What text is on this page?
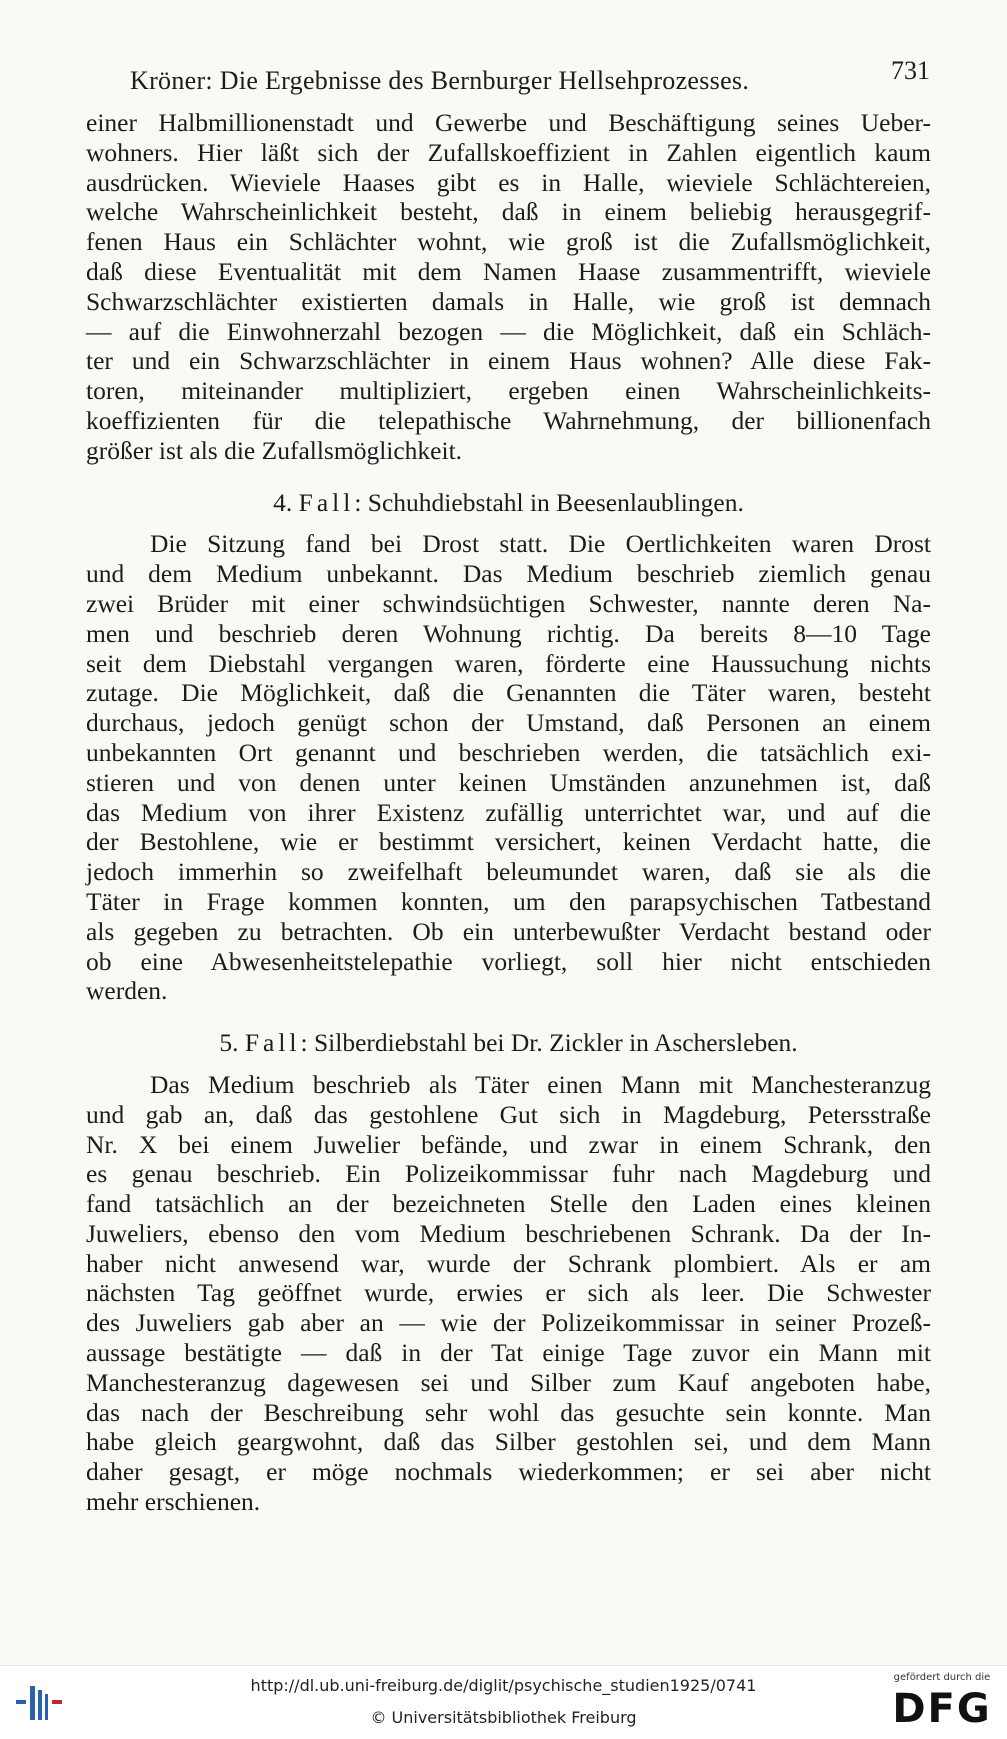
Kröner: Die Ergebnisse des Bernburger Hellsehprozesses.	731
einer Halbmillionenstadt und Gewerbe und Beschäftigung seines Ueber-
wohners. Hier läßt sich der Zufallskoeffizient in Zahlen eigentlich kaum
ausdrücken. Wieviele Haases gibt es in Halle, wieviele Schlächtereien,
welche Wahrscheinlichkeit besteht, daß in einem beliebig herausgegrif-
fenen Haus ein Schlächter wohnt, wie groß ist die Zufallsmöglichkeit,
daß diese Eventualität mit dem Namen Haase zusammentrifft, wieviele
Schwarzschlächter existierten damals in Halle, wie groß ist demnach
— auf die Einwohnerzahl bezogen — die Möglichkeit, daß ein Schläch-
ter und ein Schwarzschlächter in einem Haus wohnen? Alle diese Fak-
toren, miteinander multipliziert, ergeben einen Wahrscheinlichkeits-
koeffizienten für die telepathische Wahrnehmung, der billionenfach
größer ist als die Zufallsmöglichkeit.
4. Fall: Schuhdiebstahl in Beesenlaublingen.
Die Sitzung fand bei Drost statt. Die Oertlichkeiten waren Drost
und dem Medium unbekannt. Das Medium beschrieb ziemlich genau
zwei Brüder mit einer schwindsüchtigen Schwester, nannte deren Na-
men und beschrieb deren Wohnung richtig. Da bereits 8—10 Tage
seit dem Diebstahl vergangen waren, förderte eine Haussuchung nichts
zutage. Die Möglichkeit, daß die Genannten die Täter waren, besteht
durchaus, jedoch genügt schon der Umstand, daß Personen an einem
unbekannten Ort genannt und beschrieben werden, die tatsächlich exi-
stieren und von denen unter keinen Umständen anzunehmen ist, daß
das Medium von ihrer Existenz zufällig unterrichtet war, und auf die
der Bestohlene, wie er bestimmt versichert, keinen Verdacht hatte, die
jedoch immerhin so zweifelhaft beleumundet waren, daß sie als die
Täter in Frage kommen konnten, um den parapsychischen Tatbestand
als gegeben zu betrachten. Ob ein unterbewußter Verdacht bestand oder
ob eine Abwesenheitstelepathie vorliegt, soll hier nicht entschieden
werden.
5. Fall: Silberdiebstahl bei Dr. Zickler in Aschersleben.
Das Medium beschrieb als Täter einen Mann mit Manchesteranzug
und gab an, daß das gestohlene Gut sich in Magdeburg, Petersstraße
Nr. X bei einem Juwelier befände, und zwar in einem Schrank, den
es genau beschrieb. Ein Polizeikommissar fuhr nach Magdeburg und
fand tatsächlich an der bezeichneten Stelle den Laden eines kleinen
Juweliers, ebenso den vom Medium beschriebenen Schrank. Da der In-
haber nicht anwesend war, wurde der Schrank plombiert. Als er am
nächsten Tag geöffnet wurde, erwies er sich als leer. Die Schwester
des Juweliers gab aber an — wie der Polizeikommissar in seiner Prozeß-
aussage bestätigte — daß in der Tat einige Tage zuvor ein Mann mit
Manchesteranzug dagewesen sei und Silber zum Kauf angeboten habe,
das nach der Beschreibung sehr wohl das gesuchte sein konnte. Man
habe gleich geargwohnt, daß das Silber gestohlen sei, und dem Mann
daher gesagt, er möge nochmals wiederkommen; er sei aber nicht
mehr erschienen.
http://dl.ub.uni-freiburg.de/diglit/psychische_studien1925/0741
© Universitätsbibliothek Freiburg
gefördert durch die
DFG
